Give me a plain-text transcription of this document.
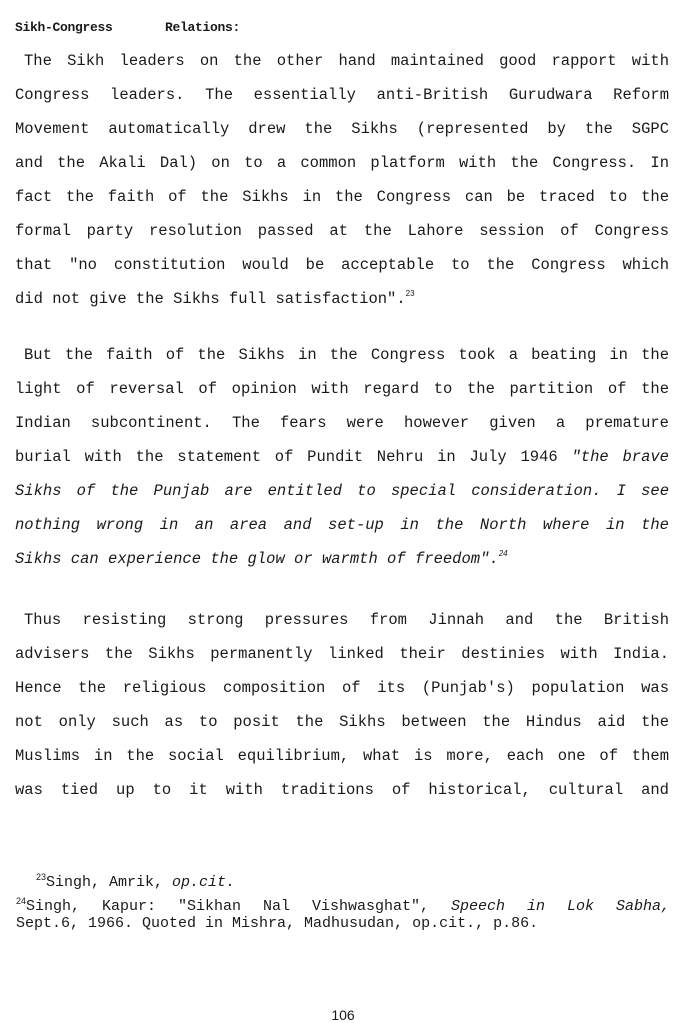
Sikh-Congress       Relations:
The Sikh leaders on the other hand maintained good rapport with
Congress leaders. The essentially anti-British Gurudwara Reform
Movement automatically drew the Sikhs (represented by the SGPC
and the Akali Dal) on to a common platform with the Congress. In
fact the faith of the Sikhs in the Congress can be traced to the
formal party resolution passed at the Lahore session of Congress
that "no constitution would be acceptable to the Congress which
did not give the Sikhs full satisfaction".$^{23}$
But the faith of the Sikhs in the Congress took a beating in the
light of reversal of opinion with regard to the partition of the
Indian subcontinent. The fears were however given a premature
burial with the statement of Pundit Nehru in July 1946 "the brave
Sikhs of the Punjab are entitled to special consideration. I see
nothing wrong in an area and set-up in the North where in the
Sikhs can experience the glow or warmth of freedom".$^{24}$
Thus resisting strong pressures from Jinnah and the British
advisers the Sikhs permanently linked their destinies with India.
Hence the religious composition of its (Punjab's) population was
not only such as to posit the Sikhs between the Hindus aid the
Muslims in the social equilibrium, what is more, each one of them
was tied up to it with traditions of historical, cultural and
$^{23}$Singh, Amrik, op.cit.
$^{24}$Singh, Kapur: "Sikhan Nal Vishwasghat", Speech in Lok Sabha,
Sept.6, 1966. Quoted in Mishra, Madhusudan, op.cit., p.86.
106
